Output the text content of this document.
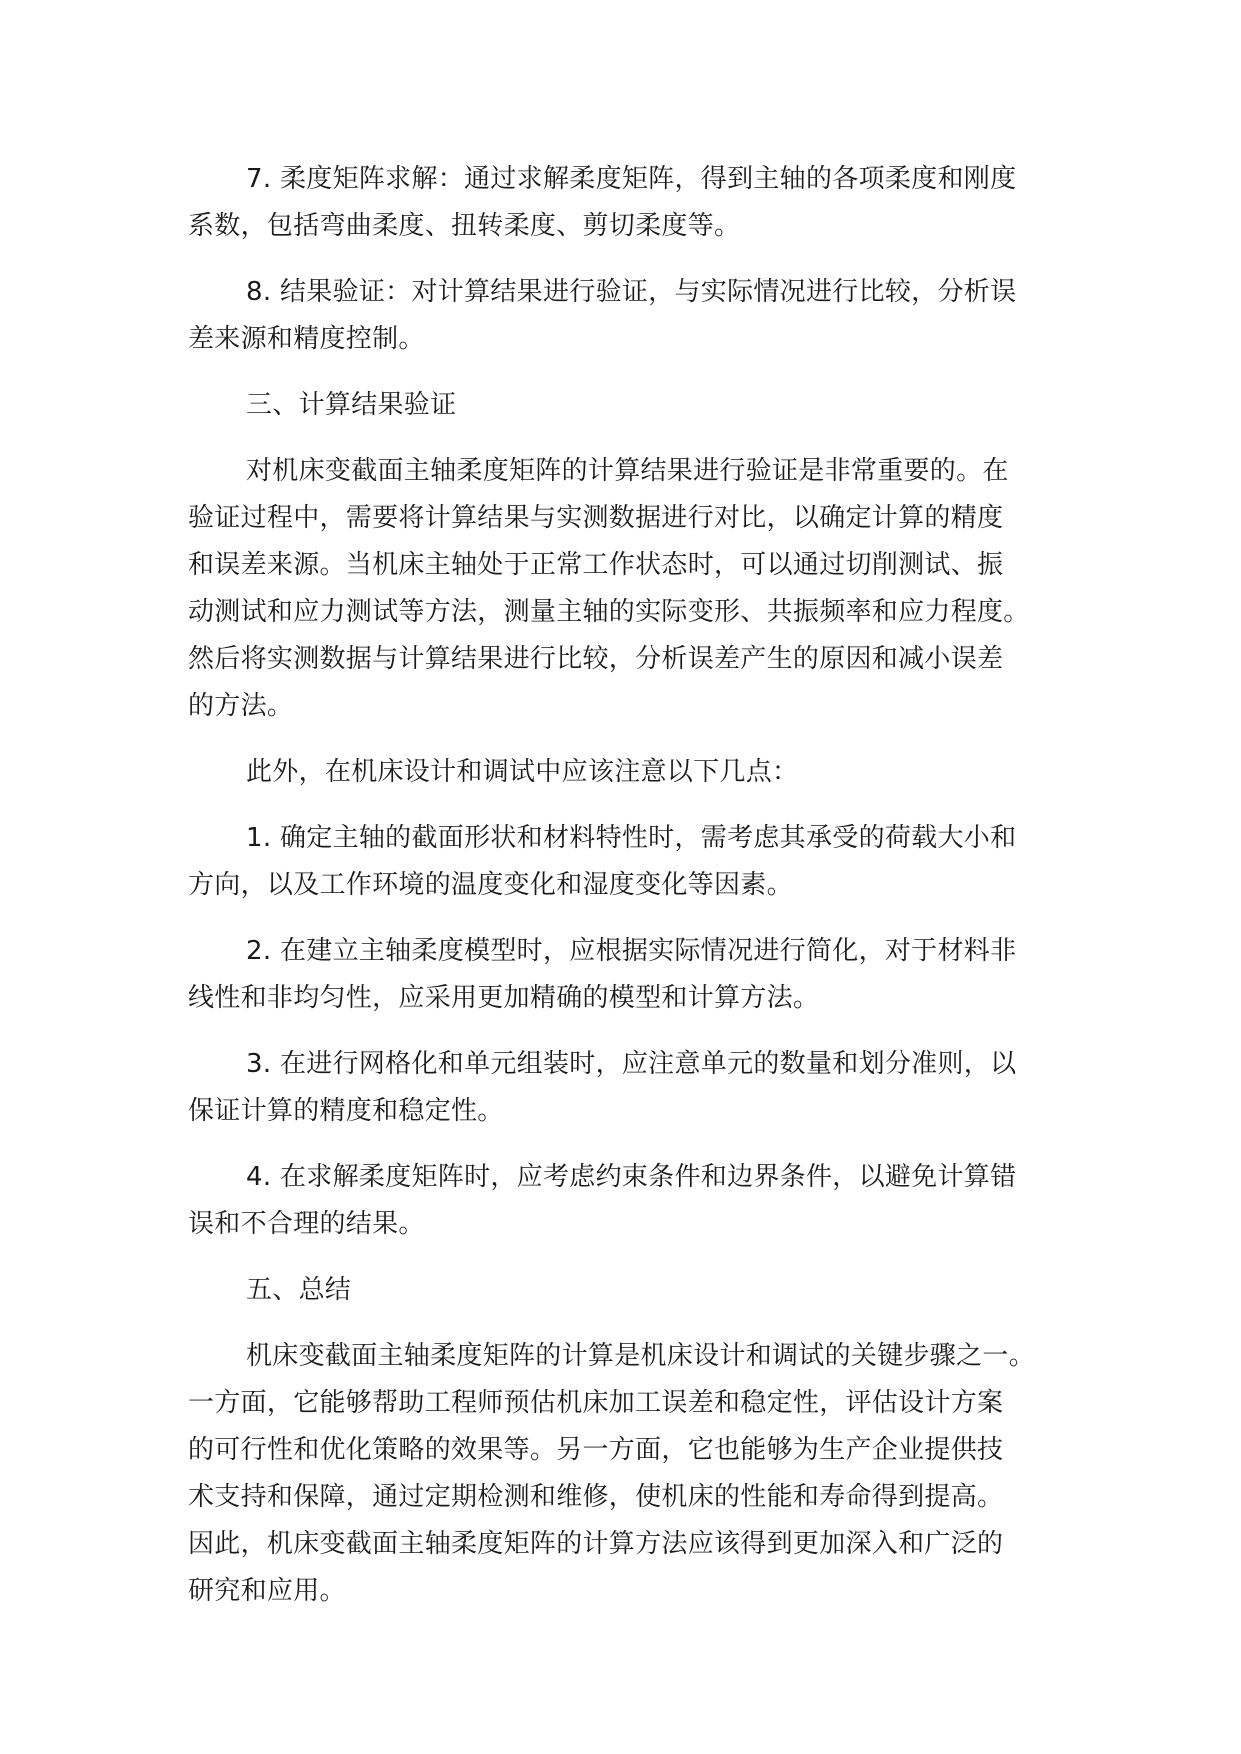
7. 柔度矩阵求解：通过求解柔度矩阵，得到主轴的各项柔度和刚度
系数，包括弯曲柔度、扭转柔度、剪切柔度等。
8. 结果验证：对计算结果进行验证，与实际情况进行比较，分析误
差来源和精度控制。
三、计算结果验证
对机床变截面主轴柔度矩阵的计算结果进行验证是非常重要的。在
验证过程中，需要将计算结果与实测数据进行对比，以确定计算的精度
和误差来源。当机床主轴处于正常工作状态时，可以通过切削测试、振
动测试和应力测试等方法，测量主轴的实际变形、共振频率和应力程度。
然后将实测数据与计算结果进行比较，分析误差产生的原因和减小误差
的方法。
此外，在机床设计和调试中应该注意以下几点：
1. 确定主轴的截面形状和材料特性时，需考虑其承受的荷载大小和
方向，以及工作环境的温度变化和湿度变化等因素。
2. 在建立主轴柔度模型时，应根据实际情况进行简化，对于材料非
线性和非均匀性，应采用更加精确的模型和计算方法。
3. 在进行网格化和单元组装时，应注意单元的数量和划分准则，以
保证计算的精度和稳定性。
4. 在求解柔度矩阵时，应考虑约束条件和边界条件，以避免计算错
误和不合理的结果。
五、总结
机床变截面主轴柔度矩阵的计算是机床设计和调试的关键步骤之一。
一方面，它能够帮助工程师预估机床加工误差和稳定性，评估设计方案
的可行性和优化策略的效果等。另一方面，它也能够为生产企业提供技
术支持和保障，通过定期检测和维修，使机床的性能和寿命得到提高。
因此，机床变截面主轴柔度矩阵的计算方法应该得到更加深入和广泛的
研究和应用。
